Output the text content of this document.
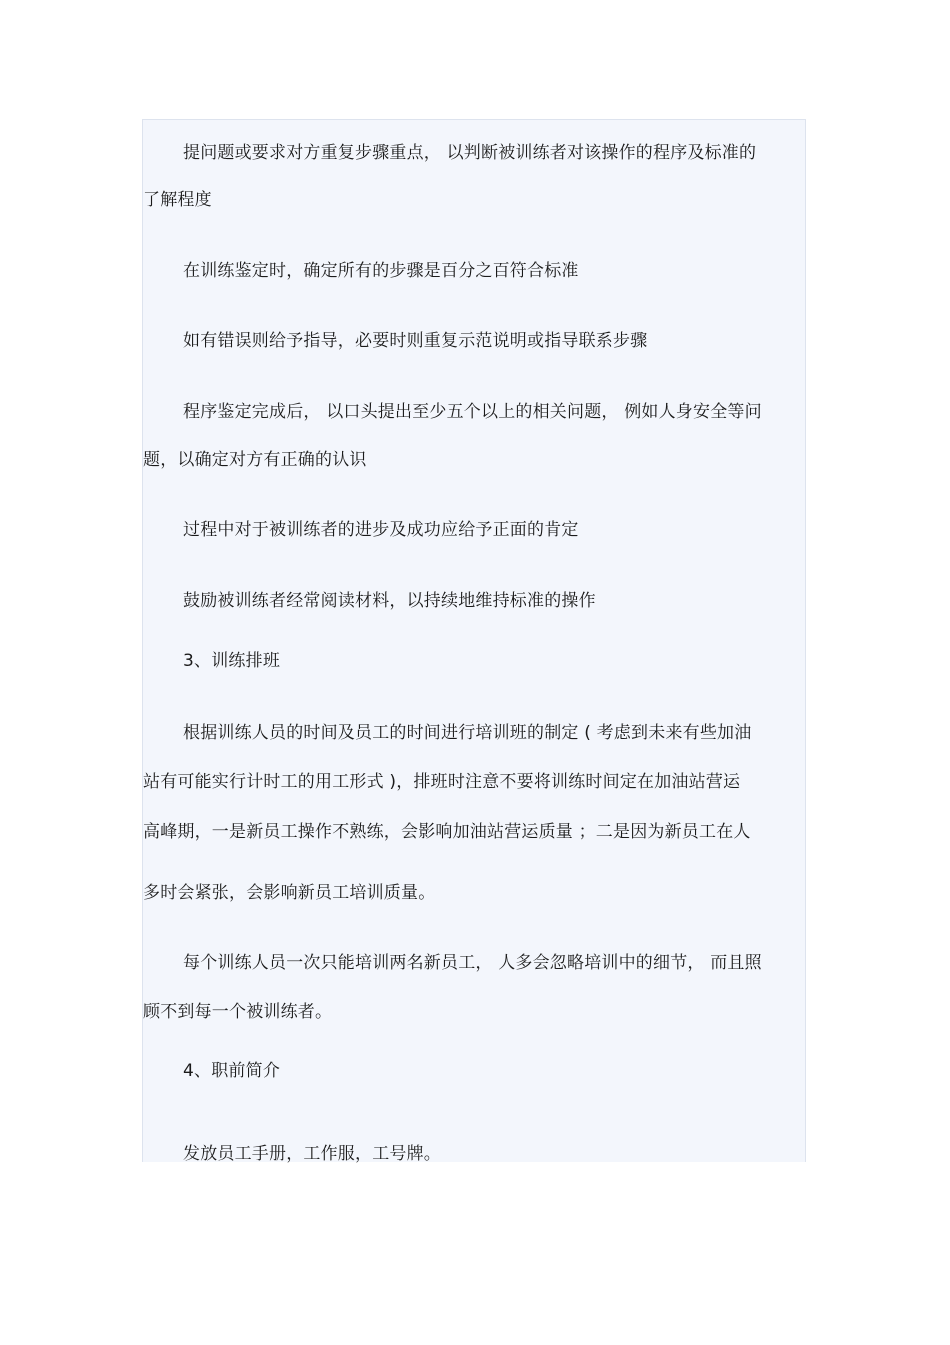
提问题或要求对方重复步骤重点， 以判断被训练者对该操作的程序及标准的
了解程度
在训练鉴定时，确定所有的步骤是百分之百符合标准
如有错误则给予指导，必要时则重复示范说明或指导联系步骤
程序鉴定完成后， 以口头提出至少五个以上的相关问题， 例如人身安全等问
题，以确定对方有正确的认识
过程中对于被训练者的进步及成功应给予正面的肯定
鼓励被训练者经常阅读材料，以持续地维持标准的操作
3、训练排班
根据训练人员的时间及员工的时间进行培训班的制定 ( 考虑到未来有些加油
站有可能实行计时工的用工形式 )，排班时注意不要将训练时间定在加油站营运
高峰期，一是新员工操作不熟练，会影响加油站营运质量 ；二是因为新员工在人
多时会紧张，会影响新员工培训质量。
每个训练人员一次只能培训两名新员工， 人多会忽略培训中的细节， 而且照
顾不到每一个被训练者。
4、职前简介
发放员工手册，工作服，工号牌。
